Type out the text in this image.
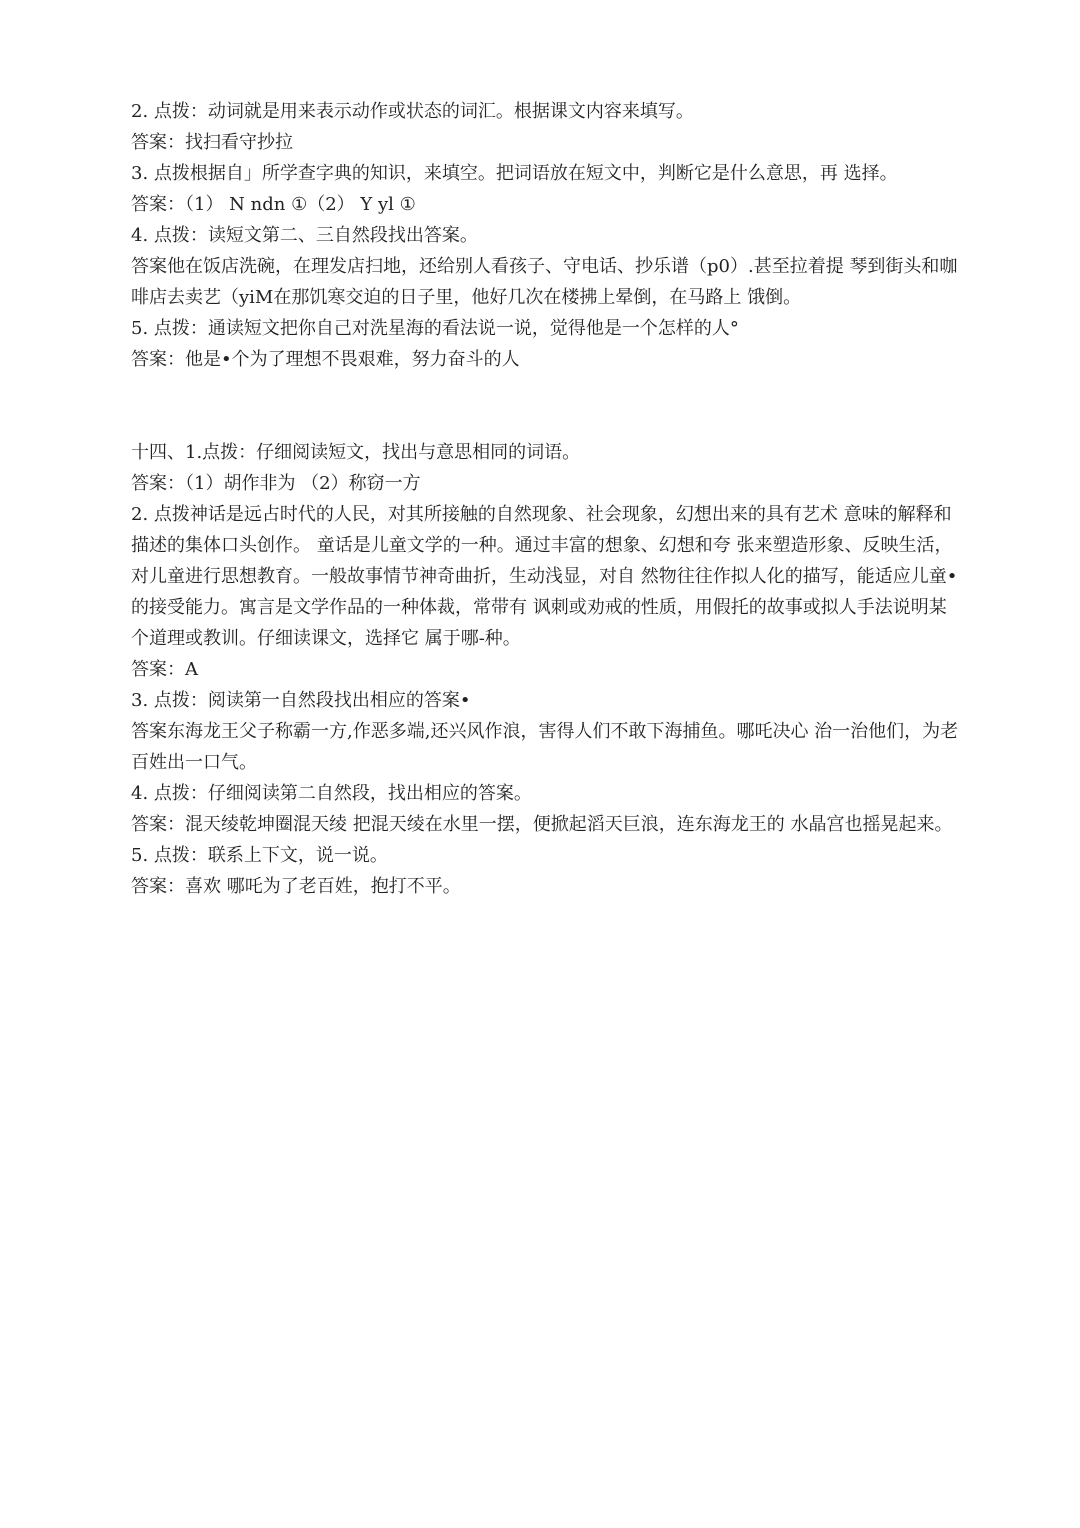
2. 点拨：动词就是用来表示动作或状态的词汇。根据课文内容来填写。

答案：找扫看守抄拉

3. 点拨根据自」所学查字典的知识，来填空。把词语放在短文中，判断它是什么意思，再 选择。

答案：（1） N ndn ①（2） Y yl ①

4. 点拨：读短文第二、三自然段找出答案。

答案他在饭店洗碗，在理发店扫地，还给别人看孩子、守电话、抄乐谱（p0）.甚至拉着提 琴到街头和咖啡店去卖艺（yiM在那饥寒交迫的日子里，他好几次在楼拂上晕倒，在马路上 饿倒。

5. 点拨：通读短文把你自己对洗星海的看法说一说，觉得他是一个怎样的人°

答案：他是•个为了理想不畏艰难，努力奋斗的人

十四、1.点拨：仔细阅读短文，找出与意思相同的词语。

答案：（1）胡作非为 （2）称窃一方

2. 点拨神话是远占时代的人民，对其所接触的自然现象、社会现象，幻想出来的具有艺术 意味的解释和描述的集体口头创作。 童话是儿童文学的一种。通过丰富的想象、幻想和夸 张来塑造形象、反映生活，对儿童进行思想教育。一般故事情节神奇曲折，生动浅显，对自 然物往往作拟人化的描写，能适应儿童•的接受能力。寓言是文学作品的一种体裁，常带有 讽刺或劝戒的性质，用假托的故事或拟人手法说明某个道理或教训。仔细读课文，选择它 属于哪-种。

答案：A

3. 点拨：阅读第一自然段找出相应的答案•

答案东海龙王父子称霸一方,作恶多端,还兴风作浪，害得人们不敢下海捕鱼。哪吒决心 治一治他们，为老百姓出一口气。

4. 点拨：仔细阅读第二自然段，找出相应的答案。

答案：混天绫乾坤圈混天绫 把混天绫在水里一摆，便掀起滔天巨浪，连东海龙王的 水晶宫也摇晃起来。

5. 点拨：联系上下文，说一说。

答案：喜欢 哪吒为了老百姓，抱打不平。
